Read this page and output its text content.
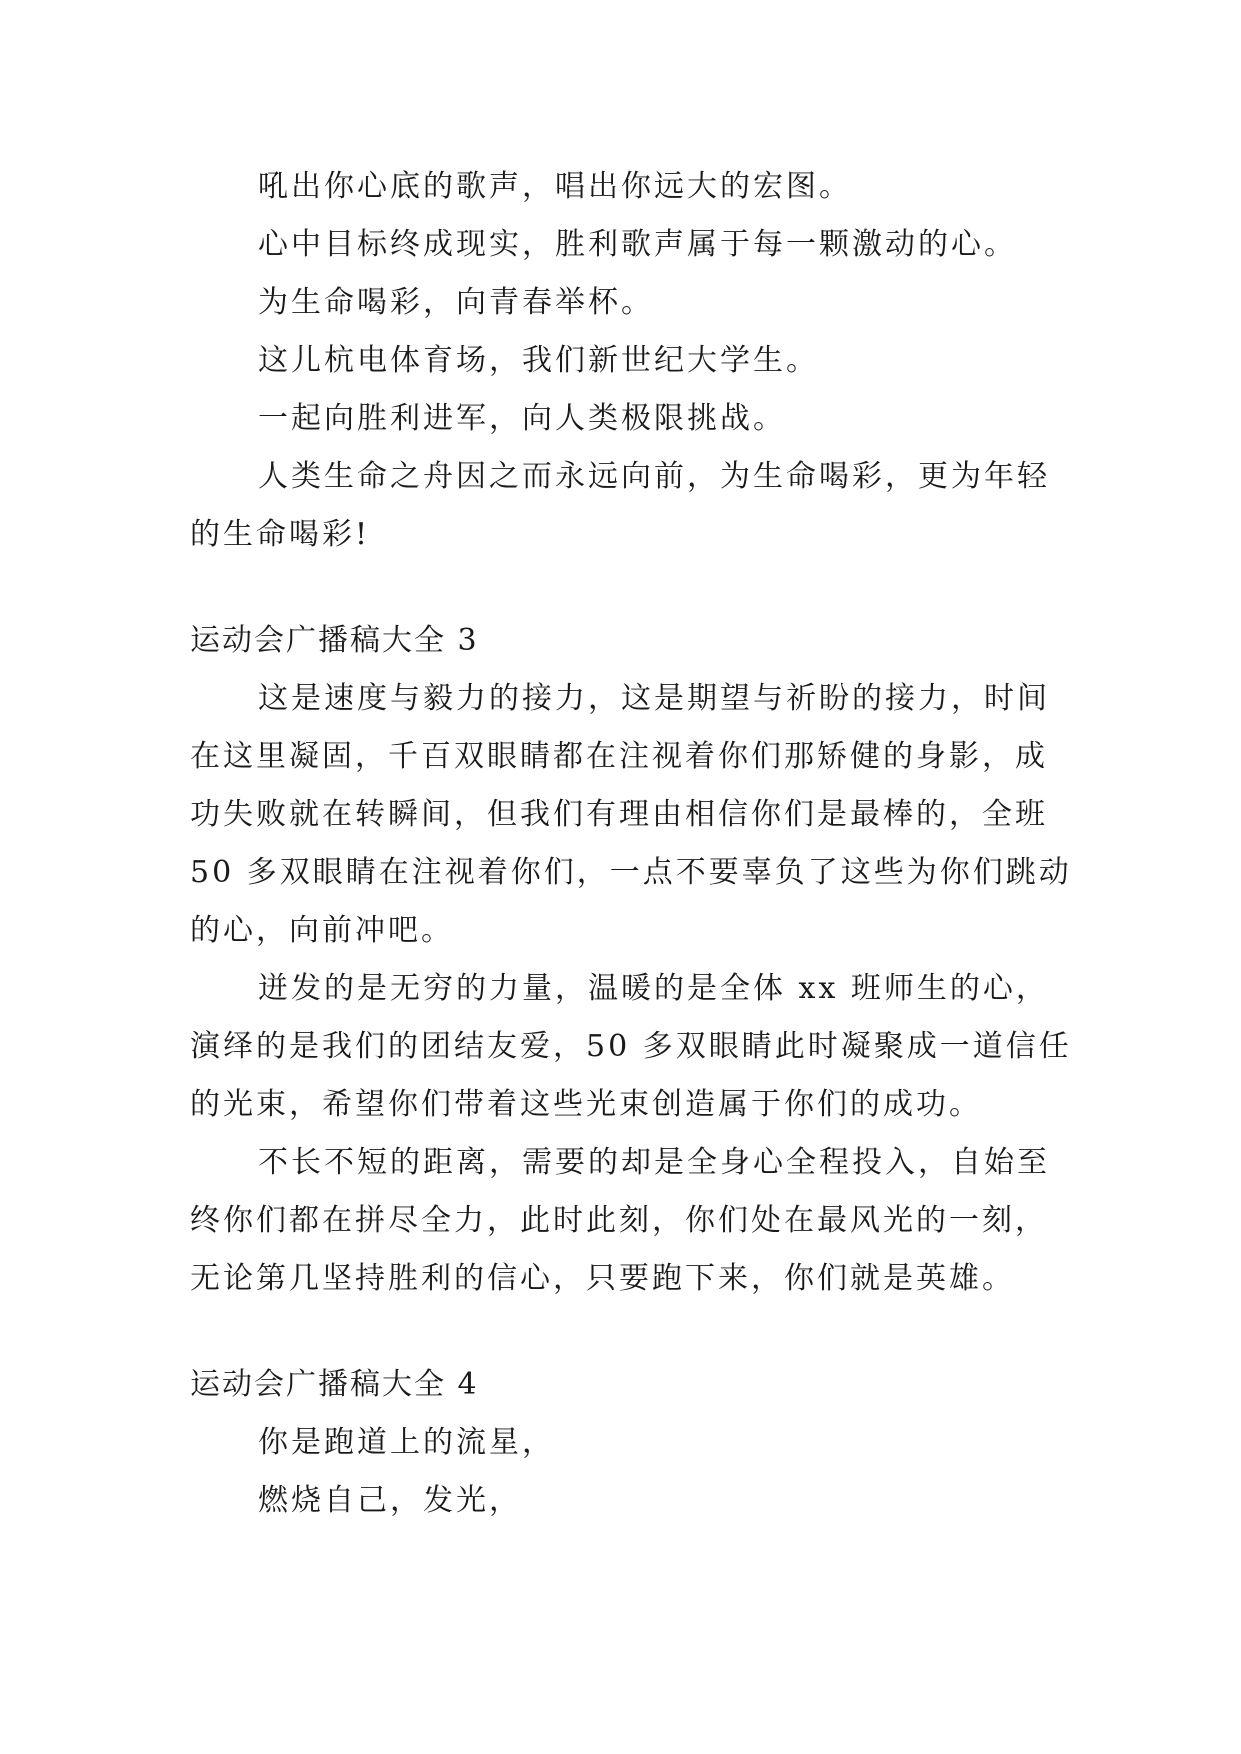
吼出你心底的歌声，唱出你远大的宏图。
心中目标终成现实，胜利歌声属于每一颗激动的心。
为生命喝彩，向青春举杯。
这儿杭电体育场，我们新世纪大学生。
一起向胜利进军，向人类极限挑战。
人类生命之舟因之而永远向前，为生命喝彩，更为年轻
的生命喝彩!
运动会广播稿大全 3
这是速度与毅力的接力，这是期望与祈盼的接力，时间
在这里凝固，千百双眼睛都在注视着你们那矫健的身影，成
功失败就在转瞬间，但我们有理由相信你们是最棒的，全班
50 多双眼睛在注视着你们，一点不要辜负了这些为你们跳动
的心，向前冲吧。
迸发的是无穷的力量，温暖的是全体 xx 班师生的心，
演绎的是我们的团结友爱，50 多双眼睛此时凝聚成一道信任
的光束，希望你们带着这些光束创造属于你们的成功。
不长不短的距离，需要的却是全身心全程投入，自始至
终你们都在拼尽全力，此时此刻，你们处在最风光的一刻，
无论第几坚持胜利的信心，只要跑下来，你们就是英雄。
运动会广播稿大全 4
你是跑道上的流星，
燃烧自己，发光，
